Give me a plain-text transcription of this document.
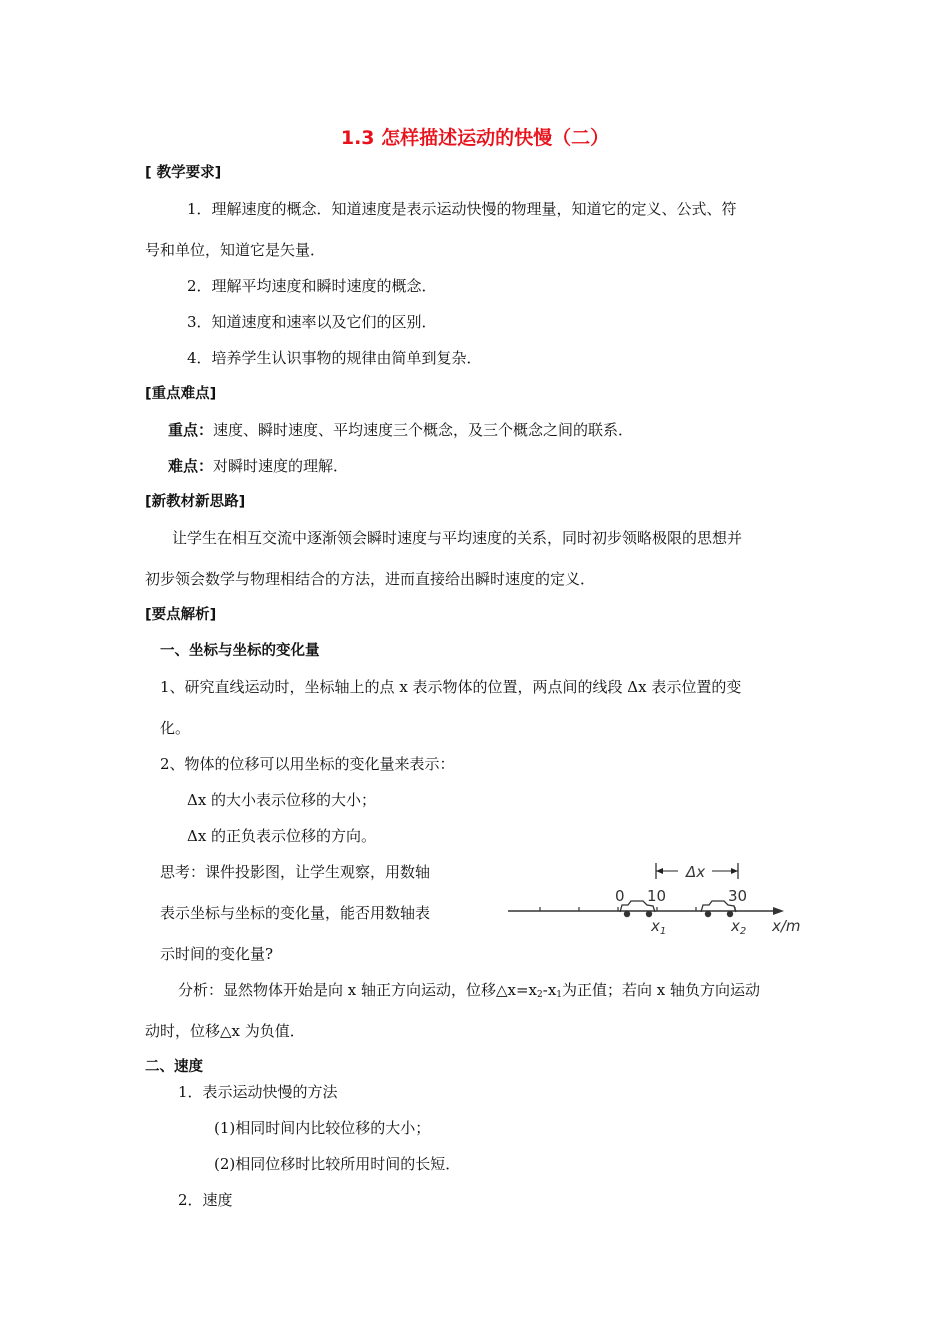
1.3 怎样描述运动的快慢（二）
[ 教学要求]
1．理解速度的概念．知道速度是表示运动快慢的物理量，知道它的定义、公式、符
号和单位，知道它是矢量．
2．理解平均速度和瞬时速度的概念．
3．知道速度和速率以及它们的区别．
4．培养学生认识事物的规律由简单到复杂．
[重点难点]
重点：速度、瞬时速度、平均速度三个概念，及三个概念之间的联系．
难点：对瞬时速度的理解．
[新教材新思路]
让学生在相互交流中逐渐领会瞬时速度与平均速度的关系，同时初步领略极限的思想并
初步领会数学与物理相结合的方法，进而直接给出瞬时速度的定义．
[要点解析]
一、坐标与坐标的变化量
1、研究直线运动时，坐标轴上的点 x 表示物体的位置，两点间的线段 Δx 表示位置的变
化。
2、物体的位移可以用坐标的变化量来表示：
Δx 的大小表示位移的大小；
Δx 的正负表示位移的方向。
思考：课件投影图，让学生观察，用数轴
表示坐标与坐标的变化量，能否用数轴表
示时间的变化量?
Δx
0 10	30
$x_1$	$x_2$ x/m
分析：显然物体开始是向 x 轴正方向运动，位移$\triangle x=x_2-x_1$为正值；若向 x 轴负方向运动
动时，位移△x 为负值．
二、速度
1．表示运动快慢的方法
(1)相同时间内比较位移的大小；
(2)相同位移时比较所用时间的长短．
2．速度
